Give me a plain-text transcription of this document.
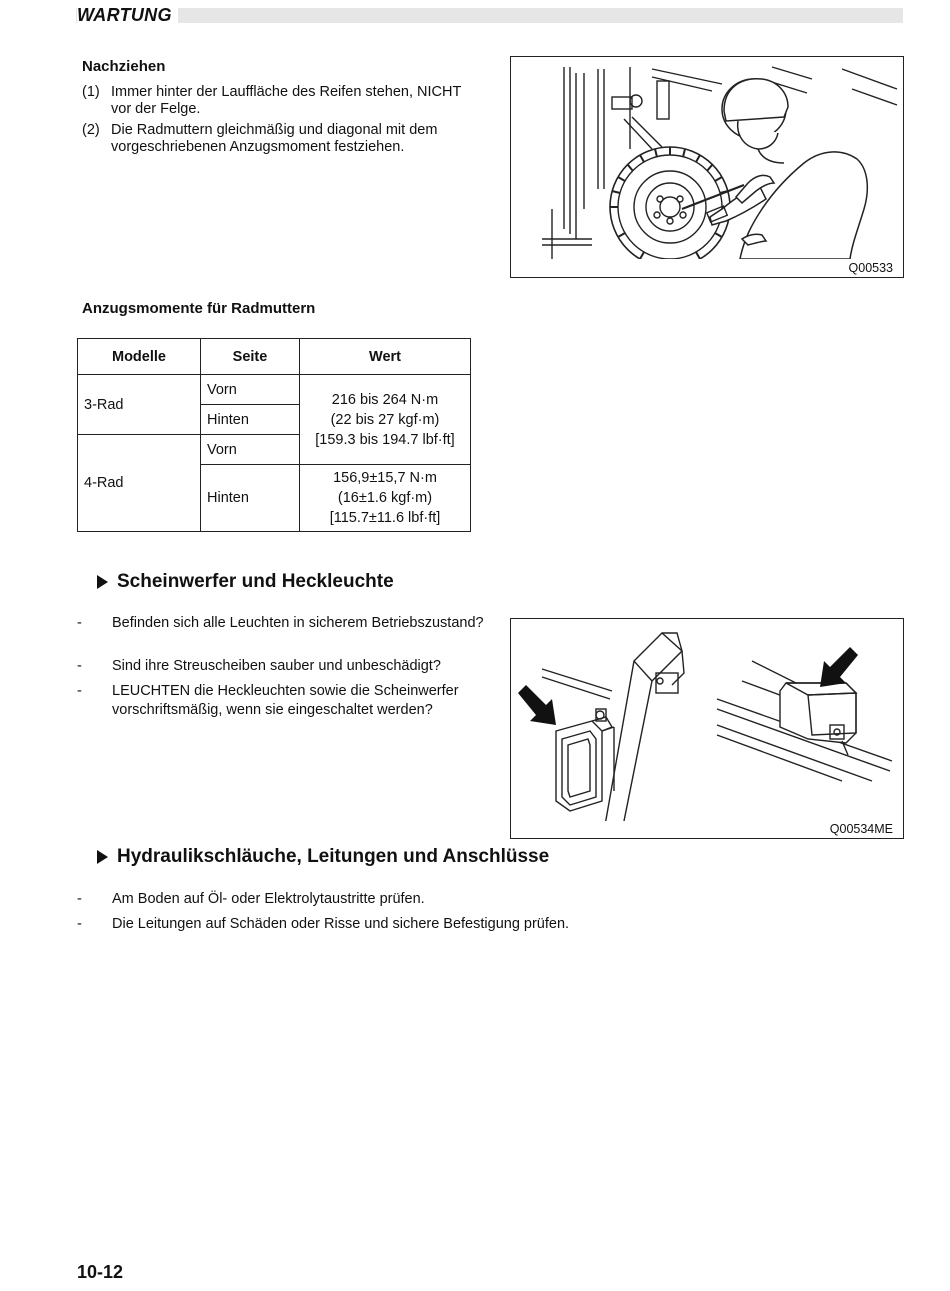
WARTUNG
Nachziehen
(1) Immer hinter der Lauffläche des Reifen stehen, NICHT vor der Felge.
(2) Die Radmuttern gleichmäßig und diagonal mit dem vorgeschriebenen Anzugsmoment festziehen.
Q00533
Anzugsmomente für Radmuttern
Modelle	Seite	Wert
3-Rad	Vorn	216 bis 264 N·m
(22 bis 27 kgf·m)
[159.3 bis 194.7 lbf·ft]

	Hinten	
4-Rad	Vorn	
	Hinten	156,9±15,7 N·m
(16±1.6 kgf·m)
[115.7±11.6 lbf·ft]
Scheinwerfer und Heckleuchte
- Befinden sich alle Leuchten in sicherem Betriebszustand?
- Sind ihre Streuscheiben sauber und unbeschädigt?
- LEUCHTEN die Heckleuchten sowie die Scheinwerfer vorschriftsmäßig, wenn sie eingeschaltet werden?
Q00534ME
Hydraulikschläuche, Leitungen und Anschlüsse
- Am Boden auf Öl- oder Elektrolytaustritte prüfen.
- Die Leitungen auf Schäden oder Risse und sichere Befestigung prüfen.
10-12
